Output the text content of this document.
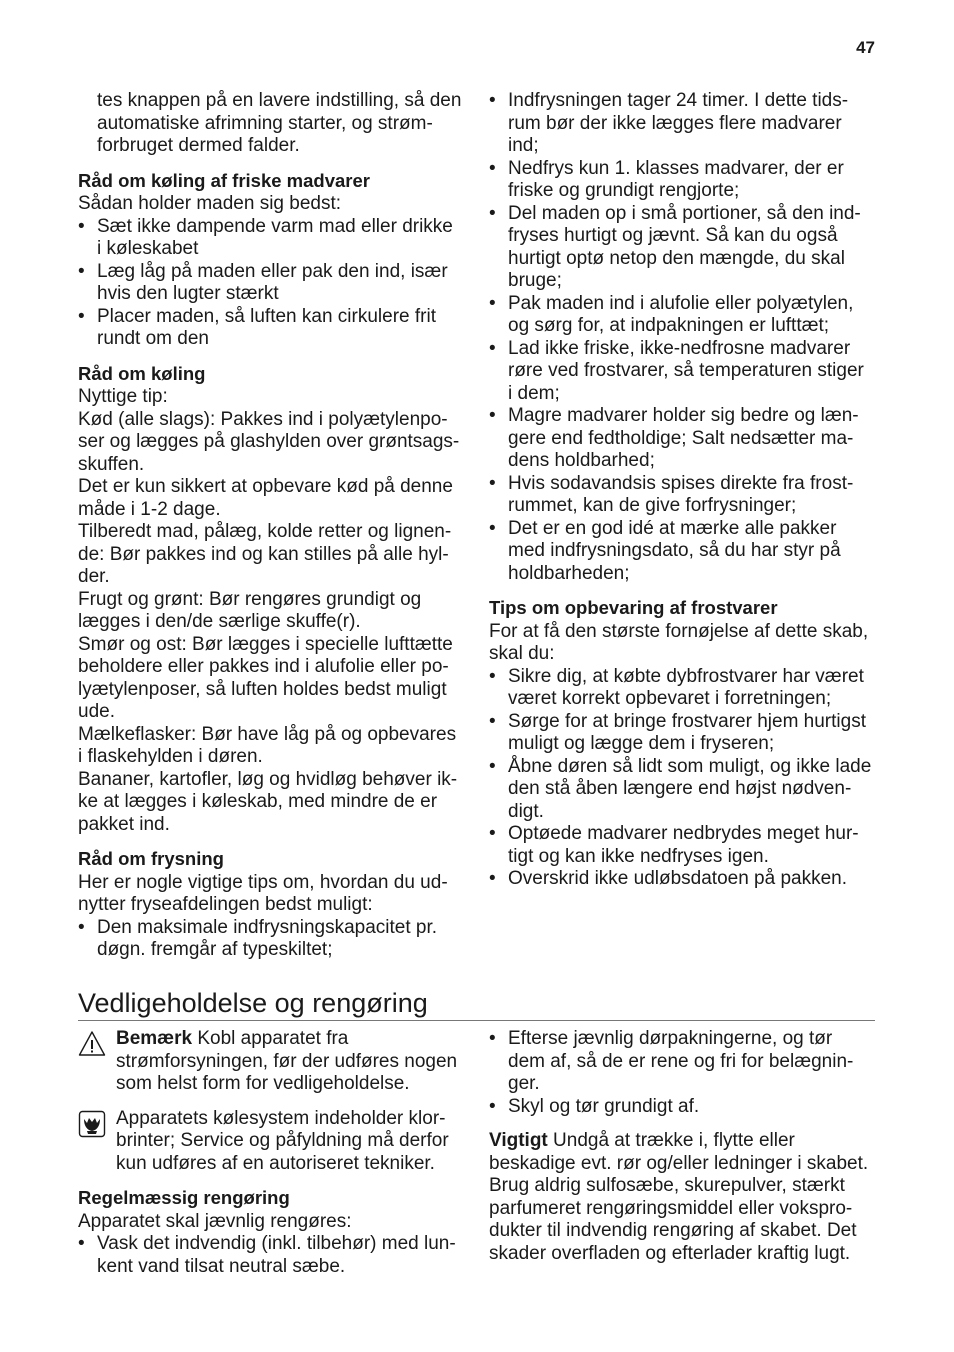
47

tes knappen på en lavere indstilling, så den
automatiske afrimning starter, og strøm-
forbruget dermed falder.

Råd om køling af friske madvarer

Sådan holder maden sig bedst:

• Sæt ikke dampende varm mad eller drikke
i køleskabet
• Læg låg på maden eller pak den ind, især
hvis den lugter stærkt
• Placer maden, så luften kan cirkulere frit
rundt om den
Råd om køling

Nyttige tip:
Kød (alle slags): Pakkes ind i polyætylenpo-
ser og lægges på glashylden over grøntsags-
skuffen.
Det er kun sikkert at opbevare kød på denne
måde i 1-2 dage.
Tilberedt mad, pålæg, kolde retter og lignen-
de: Bør pakkes ind og kan stilles på alle hyl-
der.
Frugt og grønt: Bør rengøres grundigt og
lægges i den/de særlige skuffe(r).
Smør og ost: Bør lægges i specielle lufttætte
beholdere eller pakkes ind i alufolie eller po-
lyætylenposer, så luften holdes bedst muligt
ude.
Mælkeflasker: Bør have låg på og opbevares
i flaskehylden i døren.
Bananer, kartofler, løg og hvidløg behøver ik-
ke at lægges i køleskab, med mindre de er
pakket ind.

Råd om frysning

Her er nogle vigtige tips om, hvordan du ud-
nytter fryseafdelingen bedst muligt:

• Den maksimale indfrysningskapacitet pr.
døgn. fremgår af typeskiltet;
• Indfrysningen tager 24 timer. I dette tids-
rum bør der ikke lægges flere madvarer
ind;
• Nedfrys kun 1. klasses madvarer, der er
friske og grundigt rengjorte;
• Del maden op i små portioner, så den ind-
fryses hurtigt og jævnt. Så kan du også
hurtigt optø netop den mængde, du skal
bruge;
• Pak maden ind i alufolie eller polyætylen,
og sørg for, at indpakningen er lufttæt;
• Lad ikke friske, ikke-nedfrosne madvarer
røre ved frostvarer, så temperaturen stiger
i dem;
• Magre madvarer holder sig bedre og læn-
gere end fedtholdige; Salt nedsætter ma-
dens holdbarhed;
• Hvis sodavandsis spises direkte fra frost-
rummet, kan de give forfrysninger;
• Det er en god idé at mærke alle pakker
med indfrysningsdato, så du har styr på
holdbarheden;
Tips om opbevaring af frostvarer

For at få den største fornøjelse af dette skab,
skal du:

• Sikre dig, at købte dybfrostvarer har været
været korrekt opbevaret i forretningen;
• Sørge for at bringe frostvarer hjem hurtigst
muligt og lægge dem i fryseren;
• Åbne døren så lidt som muligt, og ikke lade
den stå åben længere end højst nødven-
digt.
• Optøede madvarer nedbrydes meget hur-
tigt og kan ikke nedfryses igen.
• Overskrid ikke udløbsdatoen på pakken.
Vedligeholdelse og rengøring

Bemærk Kobl apparatet fra
strømforsyningen, før der udføres nogen
som helst form for vedligeholdelse.

Apparatets kølesystem indeholder klor-
brinter; Service og påfyldning må derfor
kun udføres af en autoriseret tekniker.

Regelmæssig rengøring

Apparatet skal jævnlig rengøres:

• Vask det indvendig (inkl. tilbehør) med lun-
kent vand tilsat neutral sæbe.
• Efterse jævnlig dørpakningerne, og tør
dem af, så de er rene og fri for belægnin-
ger.
• Skyl og tør grundigt af.

Vigtigt Undgå at trække i, flytte eller
beskadige evt. rør og/eller ledninger i skabet.
Brug aldrig sulfosæbe, skurepulver, stærkt
parfumeret rengøringsmiddel eller vokspro-
dukter til indvendig rengøring af skabet. Det
skader overfladen og efterlader kraftig lugt.
